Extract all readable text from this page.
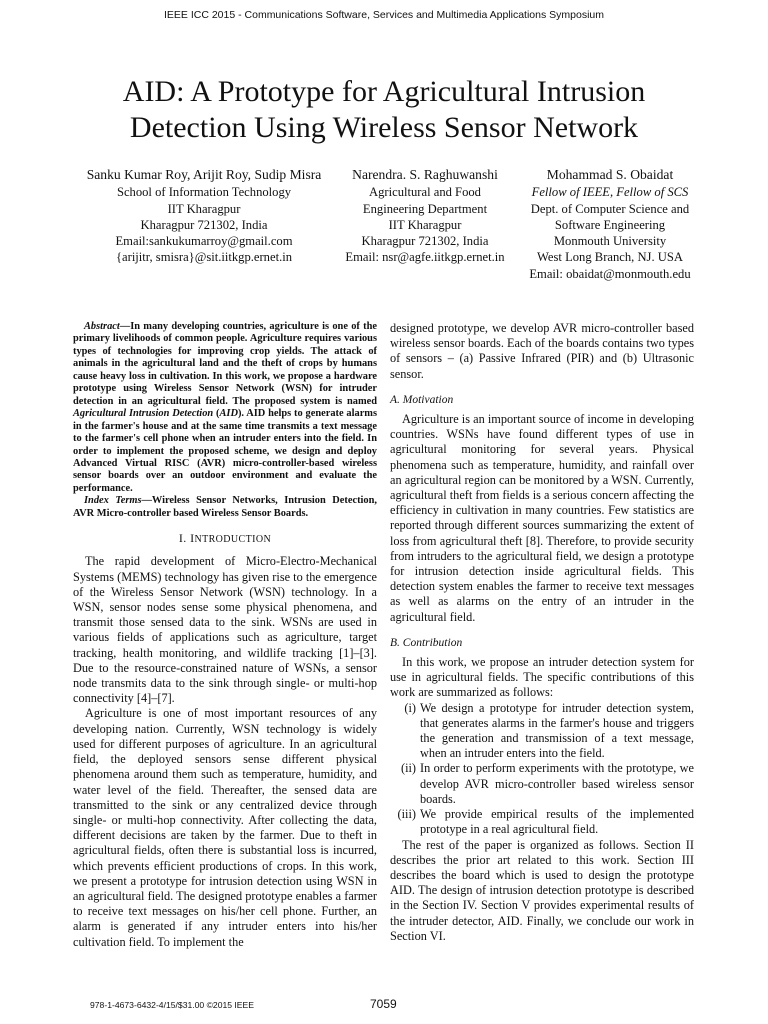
IEEE ICC 2015 - Communications Software, Services and Multimedia Applications Symposium
AID: A Prototype for Agricultural Intrusion
Detection Using Wireless Sensor Network
Sanku Kumar Roy, Arijit Roy, Sudip Misra
School of Information Technology
IIT Kharagpur
Kharagpur 721302, India
Email:sankukumarroy@gmail.com
{arijitr, smisra}@sit.iitkgp.ernet.in
Narendra. S. Raghuwanshi
Agricultural and Food
Engineering Department
IIT Kharagpur
Kharagpur 721302, India
Email: nsr@agfe.iitkgp.ernet.in
Mohammad S. Obaidat
Fellow of IEEE, Fellow of SCS
Dept. of Computer Science and
Software Engineering
Monmouth University
West Long Branch, NJ. USA
Email: obaidat@monmouth.edu

Abstract—In many developing countries, agriculture is one of the primary livelihoods of common people. Agriculture requires various types of technologies for improving crop yields. The attack of animals in the agricultural land and the theft of crops by humans cause heavy loss in cultivation. In this work, we propose a hardware prototype using Wireless Sensor Network (WSN) for intruder detection in an agricultural field. The proposed system is named Agricultural Intrusion Detection (AID). AID helps to generate alarms in the farmer's house and at the same time transmits a text message to the farmer's cell phone when an intruder enters into the field. In order to implement the proposed scheme, we design and deploy Advanced Virtual RISC (AVR) micro-controller-based wireless sensor boards over an outdoor environment and evaluate the performance.

Index Terms—Wireless Sensor Networks, Intrusion Detection, AVR Micro-controller based Wireless Sensor Boards.

I. INTRODUCTION

The rapid development of Micro-Electro-Mechanical Systems (MEMS) technology has given rise to the emergence of the Wireless Sensor Network (WSN) technology. In a WSN, sensor nodes sense some physical phenomena, and transmit those sensed data to the sink. WSNs are used in various fields of applications such as agriculture, target tracking, health monitoring, and wildlife tracking [1]–[3]. Due to the resource-constrained nature of WSNs, a sensor node transmits data to the sink through single- or multi-hop connectivity [4]–[7].

Agriculture is one of most important resources of any developing nation. Currently, WSN technology is widely used for different purposes of agriculture. In an agricultural field, the deployed sensors sense different physical phenomena around them such as temperature, humidity, and water level of the field. Thereafter, the sensed data are transmitted to the sink or any centralized device through single- or multi-hop connectivity. After collecting the data, different decisions are taken by the farmer. Due to theft in agricultural fields, often there is substantial loss is incurred, which prevents efficient productions of crops. In this work, we present a prototype for intrusion detection using WSN in an agricultural field. The designed prototype enables a farmer to receive text messages on his/her cell phone. Further, an alarm is generated if any intruder enters into his/her cultivation field. To implement the

designed prototype, we develop AVR micro-controller based wireless sensor boards. Each of the boards contains two types of sensors – (a) Passive Infrared (PIR) and (b) Ultrasonic sensor.

A. Motivation

Agriculture is an important source of income in developing countries. WSNs have found different types of use in agricultural monitoring for several years. Physical phenomena such as temperature, humidity, and rainfall over an agricultural region can be monitored by a WSN. Currently, agricultural theft from fields is a serious concern affecting the efficiency in cultivation in many countries. Few statistics are reported through different sources summarizing the extent of loss from agricultural theft [8]. Therefore, to provide security from intruders to the agricultural field, we design a prototype for intrusion detection inside agricultural fields. This detection system enables the farmer to receive text messages as well as alarms on the entry of an intruder in the agricultural field.

B. Contribution

In this work, we propose an intruder detection system for use in agricultural fields. The specific contributions of this work are summarized as follows:

(i) We design a prototype for intruder detection system, that generates alarms in the farmer's house and triggers the generation and transmission of a text message, when an intruder enters into the field.
(ii) In order to perform experiments with the prototype, we develop AVR micro-controller based wireless sensor boards.
(iii) We provide empirical results of the implemented prototype in a real agricultural field.

The rest of the paper is organized as follows. Section II describes the prior art related to this work. Section III describes the board which is used to design the prototype AID. The design of intrusion detection prototype is described in the Section IV. Section V provides experimental results of the intruder detector, AID. Finally, we conclude our work in Section VI.

978-1-4673-6432-4/15/$31.00 ©2015 IEEE	7059
